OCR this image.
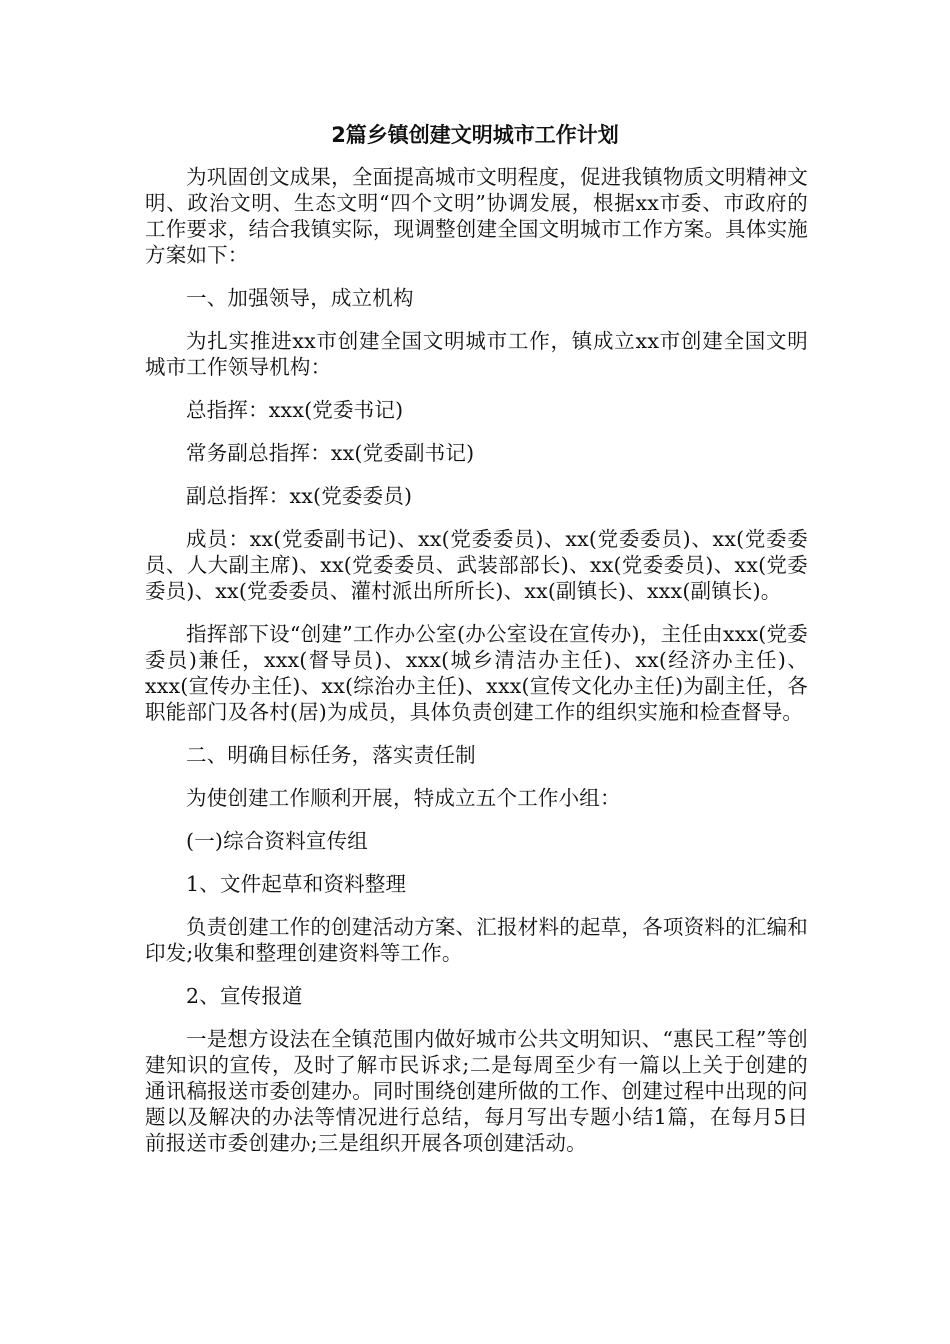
2篇乡镇创建文明城市工作计划

为巩固创文成果，全面提高城市文明程度，促进我镇物质文明精神文明、政治文明、生态文明“四个文明”协调发展，根据xx市委、市政府的工作要求，结合我镇实际，现调整创建全国文明城市工作方案。具体实施方案如下：

一、加强领导，成立机构

为扎实推进xx市创建全国文明城市工作，镇成立xx市创建全国文明城市工作领导机构：

总指挥：xxx(党委书记)

常务副总指挥：xx(党委副书记)

副总指挥：xx(党委委员)

成员：xx(党委副书记)、xx(党委委员)、xx(党委委员)、xx(党委委员、人大副主席)、xx(党委委员、武装部部长)、xx(党委委员)、xx(党委委员)、xx(党委委员、灌村派出所所长)、xx(副镇长)、xxx(副镇长)。

指挥部下设“创建”工作办公室(办公室设在宣传办)，主任由xxx(党委委员)兼任，xxx(督导员)、xxx(城乡清洁办主任)、xx(经济办主任)、xxx(宣传办主任)、xx(综治办主任)、xxx(宣传文化办主任)为副主任，各职能部门及各村(居)为成员，具体负责创建工作的组织实施和检查督导。

二、明确目标任务，落实责任制

为使创建工作顺利开展，特成立五个工作小组：

(一)综合资料宣传组

1、文件起草和资料整理

负责创建工作的创建活动方案、汇报材料的起草，各项资料的汇编和印发;收集和整理创建资料等工作。

2、宣传报道

一是想方设法在全镇范围内做好城市公共文明知识、“惠民工程”等创建知识的宣传，及时了解市民诉求;二是每周至少有一篇以上关于创建的通讯稿报送市委创建办。同时围绕创建所做的工作、创建过程中出现的问题以及解决的办法等情况进行总结，每月写出专题小结1篇，在每月5日前报送市委创建办;三是组织开展各项创建活动。
